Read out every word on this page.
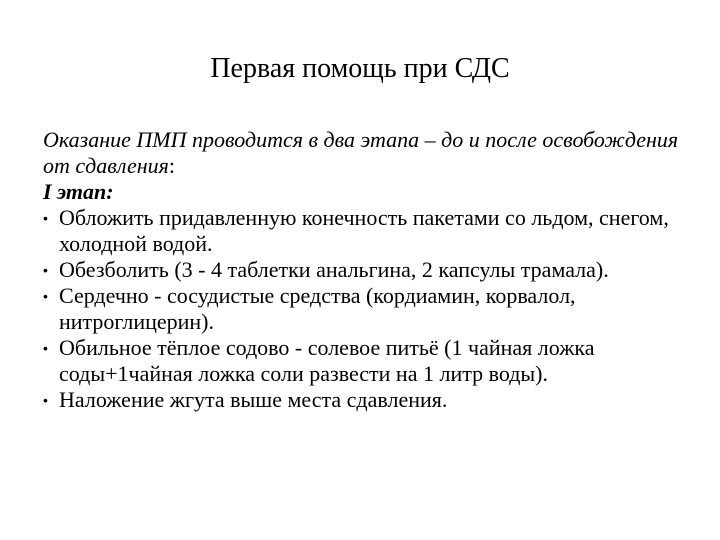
Первая помощь при СДС

Оказание ПМП проводится в два этапа – до и после освобождения от сдавления:

I этап:

• Обложить придавленную конечность пакетами со льдом, снегом, холодной водой.
• Обезболить (3 - 4 таблетки анальгина, 2 капсулы трамала).
• Сердечно - сосудистые средства (кордиамин, корвалол, нитроглицерин).
• Обильное тёплое содово - солевое питьё (1 чайная ложка соды+1чайная ложка соли развести на 1 литр воды).
• Наложение жгута выше места сдавления.
